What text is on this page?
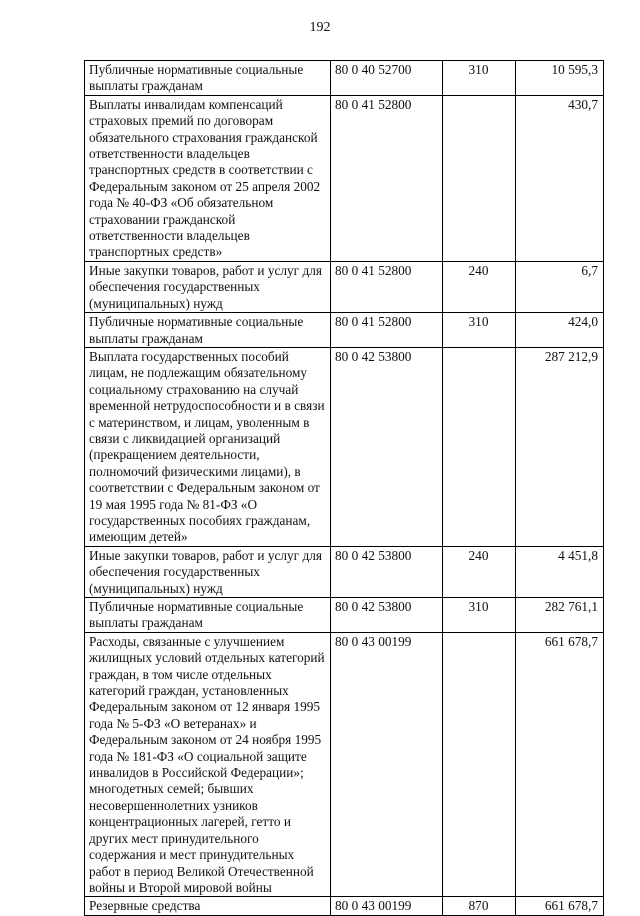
192
Публичные нормативные социальные выплаты гражданам	80 0 40 52700	310	10 595,3
Выплаты инвалидам компенсаций страховых премий по договорам обязательного страхования гражданской ответственности владельцев транспортных средств в соответствии с Федеральным законом от 25 апреля 2002 года № 40-ФЗ «Об обязательном страховании гражданской ответственности владельцев транспортных средств»	80 0 41 52800		430,7
Иные закупки товаров, работ и услуг для обеспечения государственных (муниципальных) нужд	80 0 41 52800	240	6,7
Публичные нормативные социальные выплаты гражданам	80 0 41 52800	310	424,0
Выплата государственных пособий лицам, не подлежащим обязательному социальному страхованию на случай временной нетрудоспособности и в связи с материнством, и лицам, уволенным в связи с ликвидацией организаций (прекращением деятельности, полномочий физическими лицами), в соответствии с Федеральным законом от 19 мая 1995 года № 81-ФЗ «О государственных пособиях гражданам, имеющим детей»	80 0 42 53800		287 212,9
Иные закупки товаров, работ и услуг для обеспечения государственных (муниципальных) нужд	80 0 42 53800	240	4 451,8
Публичные нормативные социальные выплаты гражданам	80 0 42 53800	310	282 761,1
Расходы, связанные с улучшением жилищных условий отдельных категорий граждан, в том числе отдельных категорий граждан, установленных Федеральным законом от 12 января 1995 года № 5-ФЗ «О ветеранах» и Федеральным законом от 24 ноября 1995 года № 181-ФЗ «О социальной защите инвалидов в Российской Федерации»; многодетных семей; бывших несовершеннолетних узников концентрационных лагерей, гетто и других мест принудительного содержания и мест принудительных работ в период Великой Отечественной войны и Второй мировой войны	80 0 43 00199		661 678,7
Резервные средства	80 0 43 00199	870	661 678,7
